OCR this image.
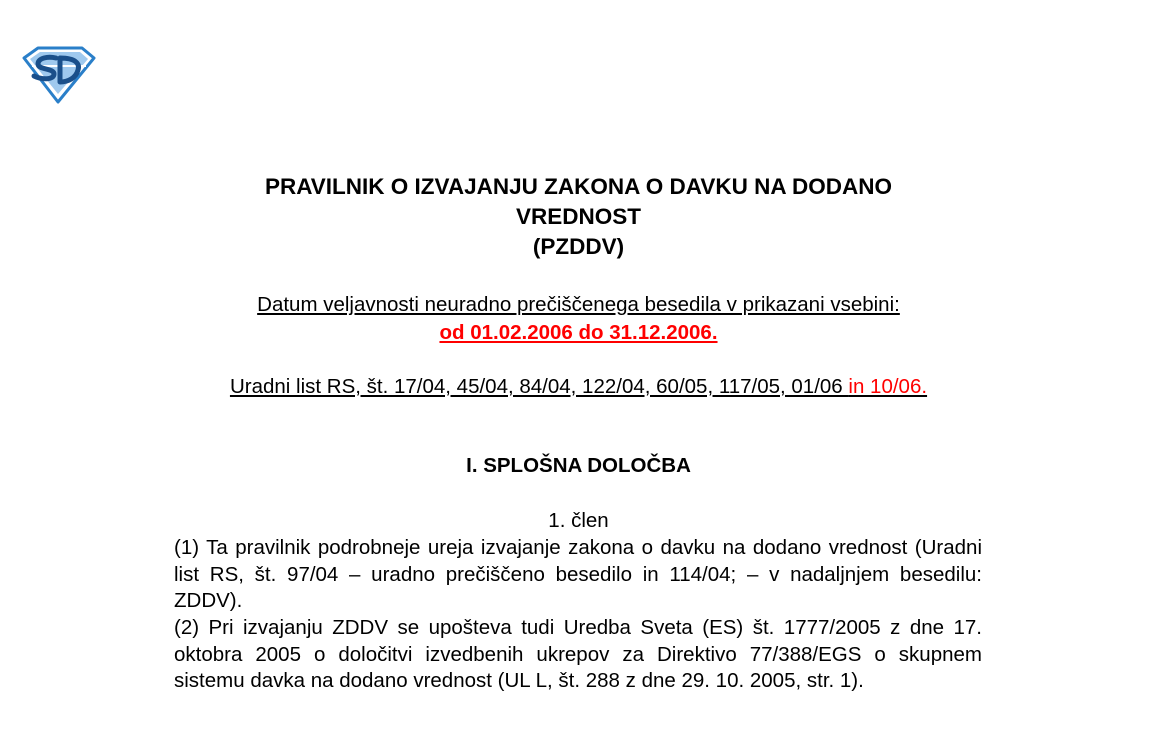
PRAVILNIK O IZVAJANJU ZAKONA O DAVKU NA DODANO
VREDNOST
(PZDDV)
Datum veljavnosti neuradno prečiščenega besedila v prikazani vsebini:
od 01.02.2006 do 31.12.2006.
Uradni list RS, št. 17/04, 45/04, 84/04, 122/04, 60/05, 117/05, 01/06 in 10/06.
I. SPLOŠNA DOLOČBA
1. člen

(1) Ta pravilnik podrobneje ureja izvajanje zakona o davku na dodano vrednost (Uradni list RS, št. 97/04 – uradno prečiščeno besedilo in 114/04; – v nadaljnjem besedilu: ZDDV).

(2) Pri izvajanju ZDDV se upošteva tudi Uredba Sveta (ES) št. 1777/2005 z dne 17. oktobra 2005 o določitvi izvedbenih ukrepov za Direktivo 77/388/EGS o skupnem sistemu davka na dodano vrednost (UL L, št. 288 z dne 29. 10. 2005, str. 1).
